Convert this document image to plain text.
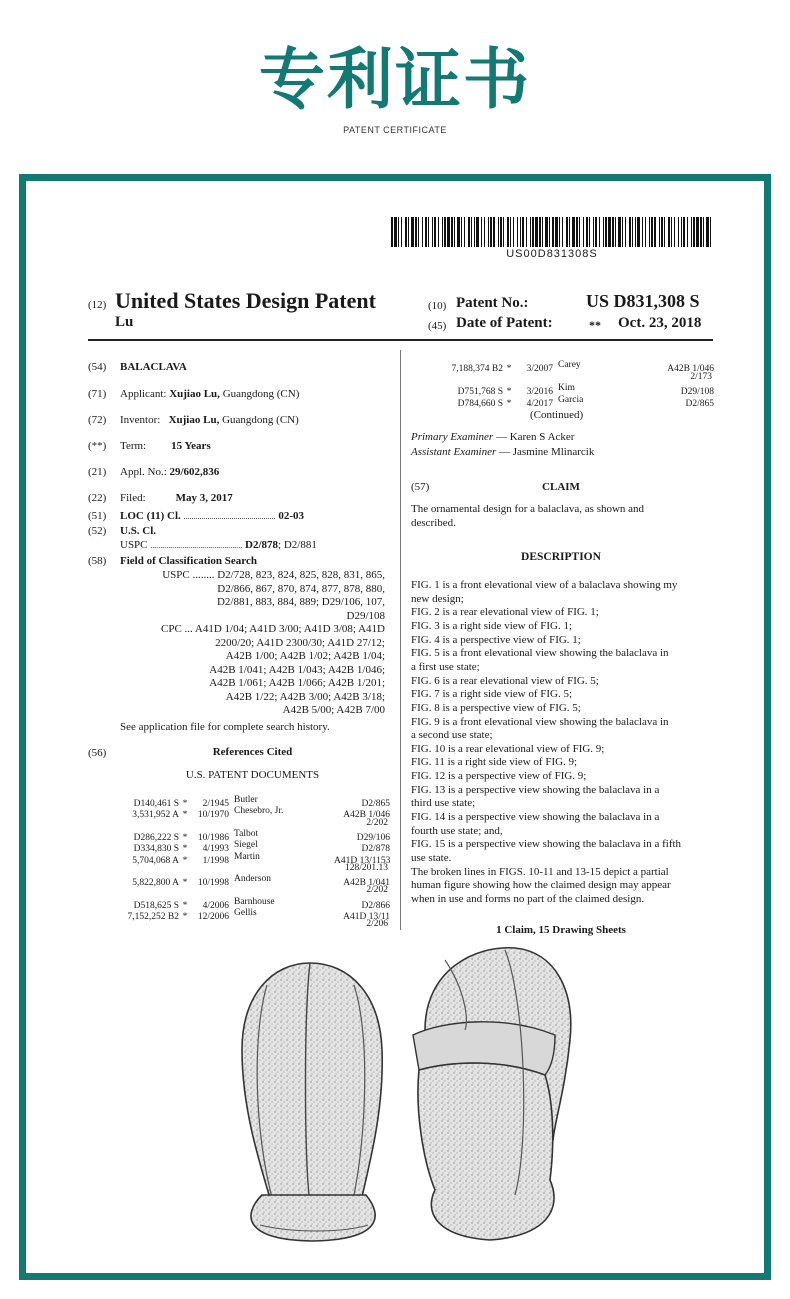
专利证书
PATENT CERTIFICATE
US00D831308S
(12) United States Design Patent
Lu
(10) Patent No.:	US D831,308 S
(45) Date of Patent:	** Oct. 23, 2018
(54) BALACLAVA
(71) Applicant: Xujiao Lu, Guangdong (CN)
(72) Inventor: Xujiao Lu, Guangdong (CN)
(**) Term: 15 Years
(21) Appl. No.: 29/602,836
(22) Filed:	May 3, 2017
(51) LOC (11) Cl. .............................................. 02-03
(52) U.S. Cl.
USPC .............................................. D2/878; D2/881
(58) Field of Classification Search
USPC ........ D2/728, 823, 824, 825, 828, 831, 865,
D2/866, 867, 870, 874, 877, 878, 880,
D2/881, 883, 884, 889; D29/106, 107,
D29/108
CPC ... A41D 1/04; A41D 3/00; A41D 3/08; A41D
2200/20; A41D 2300/30; A41D 27/12;
A42B 1/00; A42B 1/02; A42B 1/04;
A42B 1/041; A42B 1/043; A42B 1/046;
A42B 1/061; A42B 1/066; A42B 1/201;
A42B 1/22; A42B 3/00; A42B 3/18;
A42B 5/00; A42B 7/00
See application file for complete search history.
(56)	References Cited
U.S. PATENT DOCUMENTS
D140,461 S * 2/1945 Butler	D2/865
3,531,952 A * 10/1970 Chesebro, Jr.	A42B 1/046
2/202
D286,222 S * 10/1986 Talbot	D29/106
D334,830 S * 4/1993 Siegel	D2/878
5,704,068 A * 1/1998 Martin	A41D 13/1153
128/201.13
5,822,800 A * 10/1998 Anderson	A42B 1/041
2/202
D518,625 S * 4/2006 Barnhouse	D2/866
7,152,252 B2 * 12/2006 Gellis	A41D 13/11
2/206
7,188,374 B2 * 3/2007 Carey	A42B 1/046
2/173
D751,768 S * 3/2016 Kim	D29/108
D784,660 S * 4/2017 Garcia	D2/865
(Continued)
Primary Examiner — Karen S Acker
Assistant Examiner — Jasmine Mlinarcik
(57)	CLAIM
The ornamental design for a balaclava, as shown and
described.
DESCRIPTION
FIG. 1 is a front elevational view of a balaclava showing my
new design;
FIG. 2 is a rear elevational view of FIG. 1;
FIG. 3 is a right side view of FIG. 1;
FIG. 4 is a perspective view of FIG. 1;
FIG. 5 is a front elevational view showing the balaclava in
a first use state;
FIG. 6 is a rear elevational view of FIG. 5;
FIG. 7 is a right side view of FIG. 5;
FIG. 8 is a perspective view of FIG. 5;
FIG. 9 is a front elevational view showing the balaclava in
a second use state;
FIG. 10 is a rear elevational view of FIG. 9;
FIG. 11 is a right side view of FIG. 9;
FIG. 12 is a perspective view of FIG. 9;
FIG. 13 is a perspective view showing the balaclava in a
third use state;
FIG. 14 is a perspective view showing the balaclava in a
fourth use state; and,
FIG. 15 is a perspective view showing the balaclava in a fifth
use state.
The broken lines in FIGS. 10-11 and 13-15 depict a partial
human figure showing how the claimed design may appear
when in use and forms no part of the claimed design.
1 Claim, 15 Drawing Sheets
